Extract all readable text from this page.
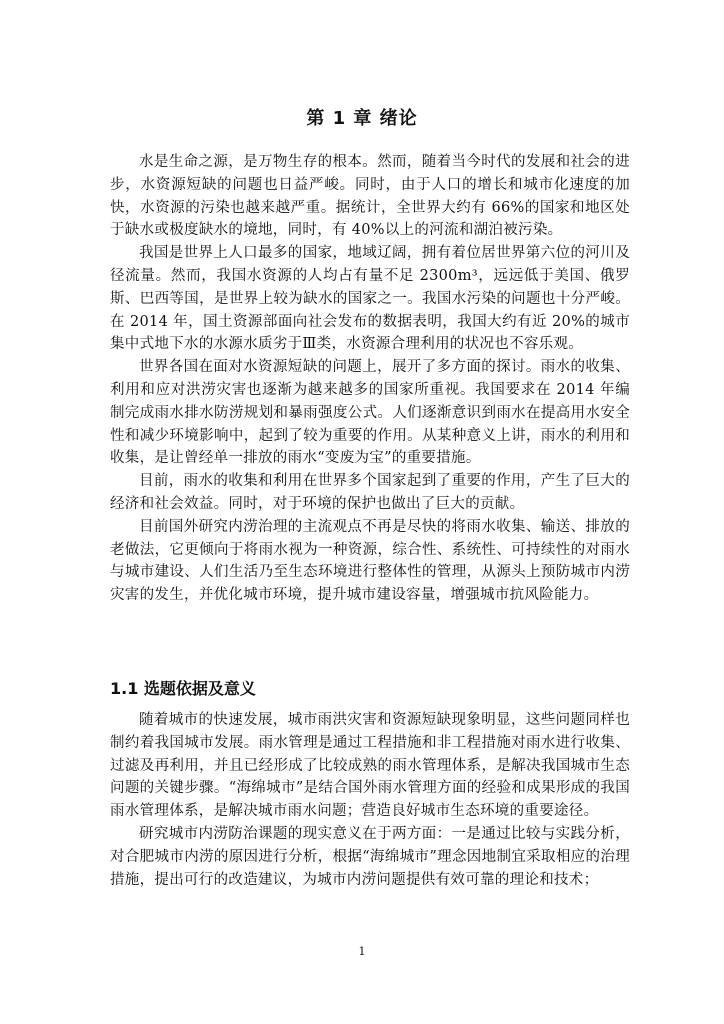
第 1 章 绪论

水是生命之源，是万物生存的根本。然而，随着当今时代的发展和社会的进步，水资源短缺的问题也日益严峻。同时，由于人口的增长和城市化速度的加快，水资源的污染也越来越严重。据统计，全世界大约有 66%的国家和地区处于缺水或极度缺水的境地，同时，有 40%以上的河流和湖泊被污染。

我国是世界上人口最多的国家，地域辽阔，拥有着位居世界第六位的河川及径流量。然而，我国水资源的人均占有量不足 2300m³，远远低于美国、俄罗斯、巴西等国，是世界上较为缺水的国家之一。我国水污染的问题也十分严峻。在 2014 年，国土资源部面向社会发布的数据表明，我国大约有近 20%的城市集中式地下水的水源水质劣于Ⅲ类，水资源合理利用的状况也不容乐观。

世界各国在面对水资源短缺的问题上，展开了多方面的探讨。雨水的收集、利用和应对洪涝灾害也逐渐为越来越多的国家所重视。我国要求在 2014 年编制完成雨水排水防涝规划和暴雨强度公式。人们逐渐意识到雨水在提高用水安全性和减少环境影响中，起到了较为重要的作用。从某种意义上讲，雨水的利用和收集，是让曾经单一排放的雨水“变废为宝”的重要措施。

目前，雨水的收集和利用在世界多个国家起到了重要的作用，产生了巨大的经济和社会效益。同时，对于环境的保护也做出了巨大的贡献。

目前国外研究内涝治理的主流观点不再是尽快的将雨水收集、输送、排放的老做法，它更倾向于将雨水视为一种资源，综合性、系统性、可持续性的对雨水与城市建设、人们生活乃至生态环境进行整体性的管理，从源头上预防城市内涝灾害的发生，并优化城市环境，提升城市建设容量，增强城市抗风险能力。

1.1 选题依据及意义

随着城市的快速发展，城市雨洪灾害和资源短缺现象明显，这些问题同样也制约着我国城市发展。雨水管理是通过工程措施和非工程措施对雨水进行收集、过滤及再利用，并且已经形成了比较成熟的雨水管理体系，是解决我国城市生态问题的关键步骤。“海绵城市”是结合国外雨水管理方面的经验和成果形成的我国雨水管理体系，是解决城市雨水问题；营造良好城市生态环境的重要途径。

研究城市内涝防治课题的现实意义在于两方面：一是通过比较与实践分析，对合肥城市内涝的原因进行分析，根据“海绵城市”理念因地制宜采取相应的治理措施，提出可行的改造建议，为城市内涝问题提供有效可靠的理论和技术；

1
